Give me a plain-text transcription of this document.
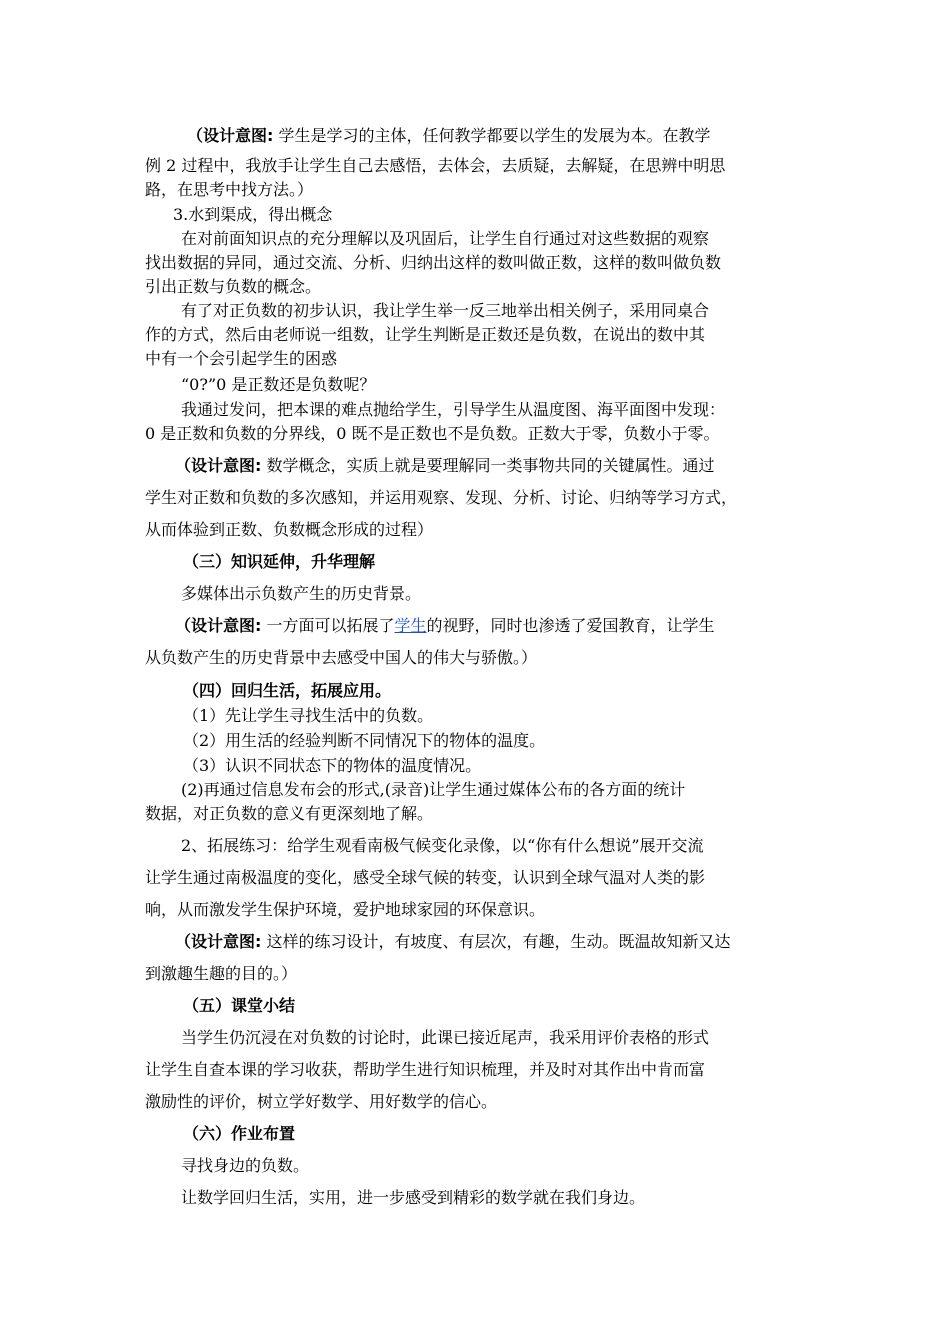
（设计意图: 学生是学习的主体，任何教学都要以学生的发展为本。在教学
例 2 过程中，我放手让学生自己去感悟，去体会，去质疑，去解疑，在思辨中明思
路，在思考中找方法。）
3.水到渠成，得出概念
在对前面知识点的充分理解以及巩固后，让学生自行通过对这些数据的观察
找出数据的异同，通过交流、分析、归纳出这样的数叫做正数，这样的数叫做负数
引出正数与负数的概念。
有了对正负数的初步认识，我让学生举一反三地举出相关例子，采用同桌合
作的方式，然后由老师说一组数，让学生判断是正数还是负数，在说出的数中其
中有一个会引起学生的困惑
“0?”0 是正数还是负数呢？
我通过发问，把本课的难点抛给学生，引导学生从温度图、海平面图中发现：
0 是正数和负数的分界线，0 既不是正数也不是负数。正数大于零，负数小于零。
（设计意图: 数学概念，实质上就是要理解同一类事物共同的关键属性。通过
学生对正数和负数的多次感知，并运用观察、发现、分析、讨论、归纳等学习方式，
从而体验到正数、负数概念形成的过程）
（三）知识延伸，升华理解
多媒体出示负数产生的历史背景。
（设计意图: 一方面可以拓展了学生的视野，同时也渗透了爱国教育，让学生
从负数产生的历史背景中去感受中国人的伟大与骄傲。）
（四）回归生活，拓展应用。
（1）先让学生寻找生活中的负数。
（2）用生活的经验判断不同情况下的物体的温度。
（3）认识不同状态下的物体的温度情况。
(2)再通过信息发布会的形式,(录音)让学生通过媒体公布的各方面的统计
数据，对正负数的意义有更深刻地了解。
2、拓展练习：给学生观看南极气候变化录像，以“你有什么想说”展开交流
让学生通过南极温度的变化，感受全球气候的转变，认识到全球气温对人类的影
响，从而激发学生保护环境，爱护地球家园的环保意识。
（设计意图: 这样的练习设计，有坡度、有层次，有趣，生动。既温故知新又达
到激趣生趣的目的。）
（五）课堂小结
当学生仍沉浸在对负数的讨论时，此课已接近尾声，我采用评价表格的形式
让学生自查本课的学习收获，帮助学生进行知识梳理，并及时对其作出中肯而富
激励性的评价，树立学好数学、用好数学的信心。
（六）作业布置
寻找身边的负数。
让数学回归生活，实用，进一步感受到精彩的数学就在我们身边。
